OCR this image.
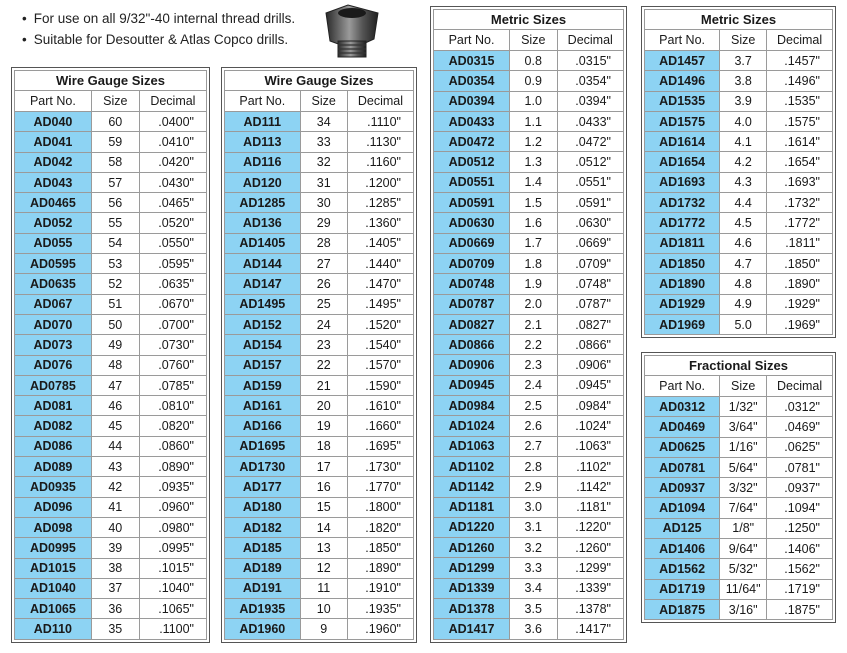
• For use on all 9/32"-40 internal thread drills.
• Suitable for Desoutter & Atlas Copco drills.
Wire Gauge Sizes		
Part No.	Size	Decimal
AD040	60	.0400"
AD041	59	.0410"
AD042	58	.0420"
AD043	57	.0430"
AD0465	56	.0465"
AD052	55	.0520"
AD055	54	.0550"
AD0595	53	.0595"
AD0635	52	.0635"
AD067	51	.0670"
AD070	50	.0700"
AD073	49	.0730"
AD076	48	.0760"
AD0785	47	.0785"
AD081	46	.0810"
AD082	45	.0820"
AD086	44	.0860"
AD089	43	.0890"
AD0935	42	.0935"
AD096	41	.0960"
AD098	40	.0980"
AD0995	39	.0995"
AD1015	38	.1015"
AD1040	37	.1040"
AD1065	36	.1065"
AD110	35	.1100"
Wire Gauge Sizes		
Part No.	Size	Decimal
AD111	34	.1110"
AD113	33	.1130"
AD116	32	.1160"
AD120	31	.1200"
AD1285	30	.1285"
AD136	29	.1360"
AD1405	28	.1405"
AD144	27	.1440"
AD147	26	.1470"
AD1495	25	.1495"
AD152	24	.1520"
AD154	23	.1540"
AD157	22	.1570"
AD159	21	.1590"
AD161	20	.1610"
AD166	19	.1660"
AD1695	18	.1695"
AD1730	17	.1730"
AD177	16	.1770"
AD180	15	.1800"
AD182	14	.1820"
AD185	13	.1850"
AD189	12	.1890"
AD191	11	.1910"
AD1935	10	.1935"
AD1960	9	.1960"
Metric Sizes		
Part No.	Size	Decimal
AD0315	0.8	.0315"
AD0354	0.9	.0354"
AD0394	1.0	.0394"
AD0433	1.1	.0433"
AD0472	1.2	.0472"
AD0512	1.3	.0512"
AD0551	1.4	.0551"
AD0591	1.5	.0591"
AD0630	1.6	.0630"
AD0669	1.7	.0669"
AD0709	1.8	.0709"
AD0748	1.9	.0748"
AD0787	2.0	.0787"
AD0827	2.1	.0827"
AD0866	2.2	.0866"
AD0906	2.3	.0906"
AD0945	2.4	.0945"
AD0984	2.5	.0984"
AD1024	2.6	.1024"
AD1063	2.7	.1063"
AD1102	2.8	.1102"
AD1142	2.9	.1142"
AD1181	3.0	.1181"
AD1220	3.1	.1220"
AD1260	3.2	.1260"
AD1299	3.3	.1299"
AD1339	3.4	.1339"
AD1378	3.5	.1378"
AD1417	3.6	.1417"
Metric Sizes		
Part No.	Size	Decimal
AD1457	3.7	.1457"
AD1496	3.8	.1496"
AD1535	3.9	.1535"
AD1575	4.0	.1575"
AD1614	4.1	.1614"
AD1654	4.2	.1654"
AD1693	4.3	.1693"
AD1732	4.4	.1732"
AD1772	4.5	.1772"
AD1811	4.6	.1811"
AD1850	4.7	.1850"
AD1890	4.8	.1890"
AD1929	4.9	.1929"
AD1969	5.0	.1969"
Fractional Sizes		
Part No.	Size	Decimal
AD0312	1/32"	.0312"
AD0469	3/64"	.0469"
AD0625	1/16"	.0625"
AD0781	5/64"	.0781"
AD0937	3/32"	.0937"
AD1094	7/64"	.1094"
AD125	1/8"	.1250"
AD1406	9/64"	.1406"
AD1562	5/32"	.1562"
AD1719	11/64"	.1719"
AD1875	3/16"	.1875"
